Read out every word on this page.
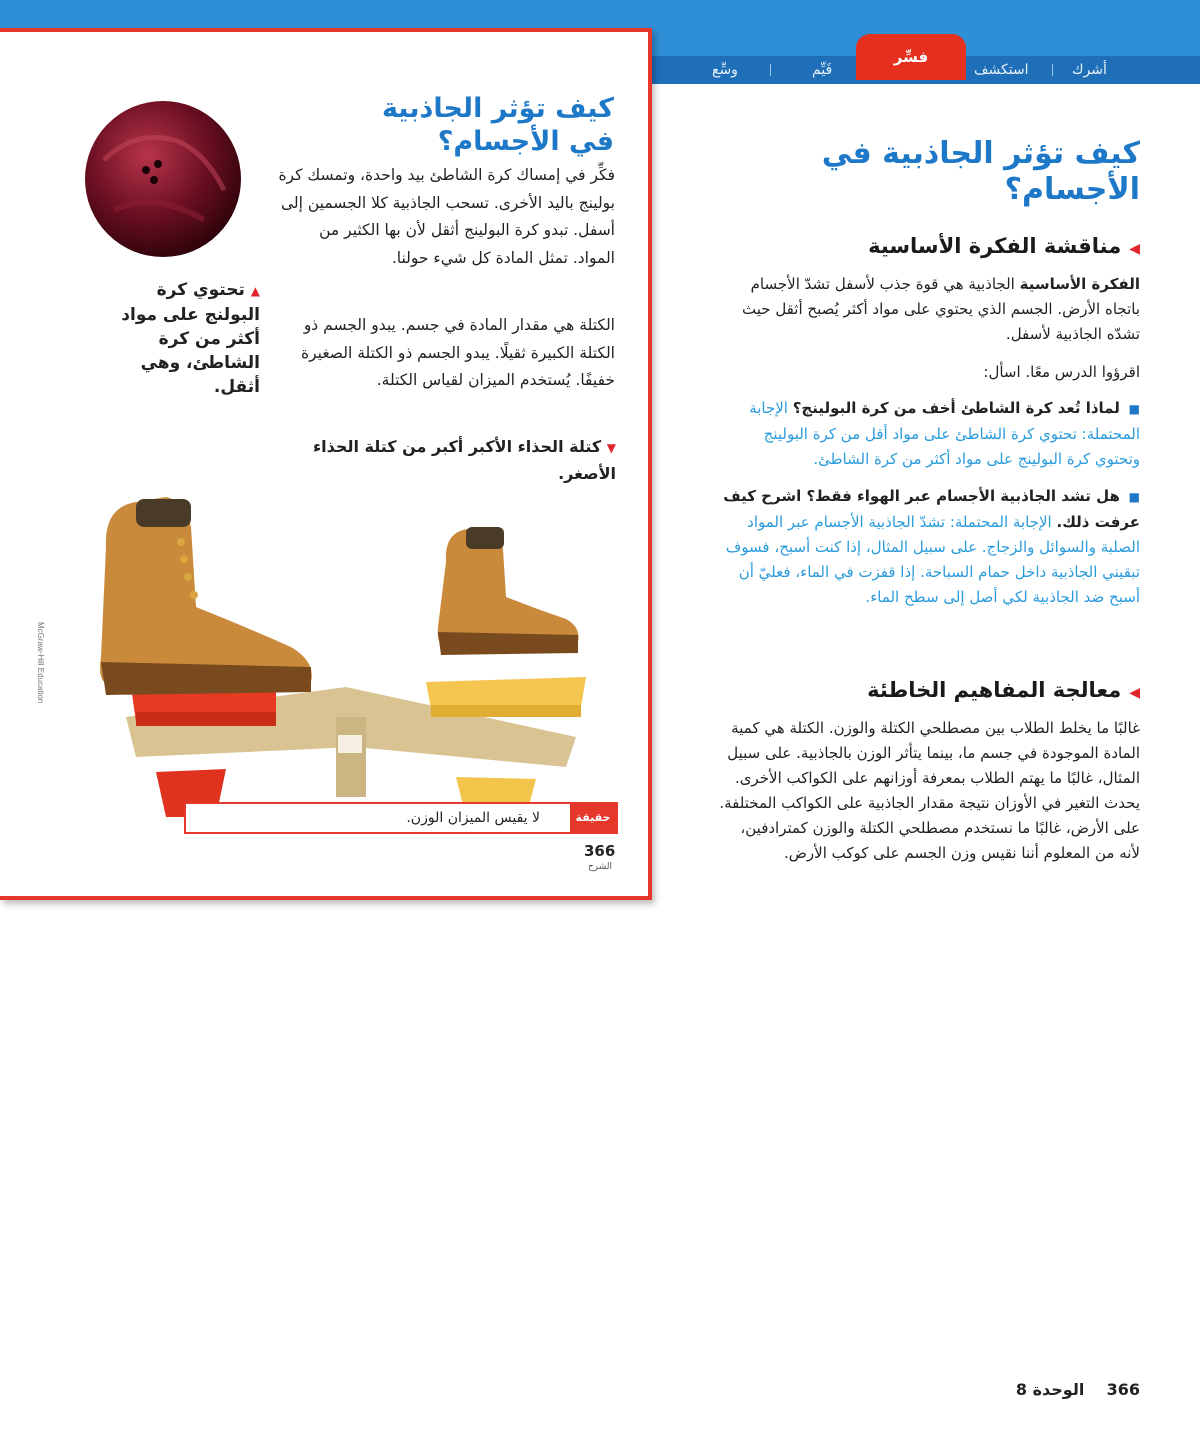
أشرك
استكشف
فَيِّم
وسِّع
فسِّر
كيف تؤثر الجاذبية في الأجسام؟
▲ تحتوي كرة البولنج على مواد أكثر من كرة الشاطئ، وهي أثقل.
فكِّر في إمساك كرة الشاطئ بيد واحدة، وتمسك كرة بولينج باليد الأخرى. تسحب الجاذبية كلا الجسمين إلى أسفل. تبدو كرة البولينج أثقل لأن بها الكثير من المواد. تمثل المادة كل شيء حولنا.
الكتلة هي مقدار المادة في جسم. يبدو الجسم ذو الكتلة الكبيرة ثقيلًا. يبدو الجسم ذو الكتلة الصغيرة خفيفًا. يُستخدم الميزان لقياس الكتلة.
▼ كتلة الحذاء الأكبر أكبر من كتلة الحذاء الأصغر.
حقيقة
لا يقيس الميزان الوزن.
366
الشرح
McGraw-Hill Education
كيف تؤثر الجاذبية في الأجسام؟
◀مناقشة الفكرة الأساسية
الفكرة الأساسية الجاذبية هي قوة جذب لأسفل تشدّ الأجسام باتجاه الأرض. الجسم الذي يحتوي على مواد أكثر يُصبح أثقل حيث تشدّه الجاذبية لأسفل.
اقرؤوا الدرس معًا. اسأل:
■ لماذا تُعد كرة الشاطئ أخف من كرة البولينج؟ الإجابة المحتملة: تحتوي كرة الشاطئ على مواد أقل من كرة البولينج وتحتوي كرة البولينج على مواد أكثر من كرة الشاطئ.
■ هل تشد الجاذبية الأجسام عبر الهواء فقط؟ اشرح كيف عرفت ذلك. الإجابة المحتملة: تشدّ الجاذبية الأجسام عبر المواد الصلبة والسوائل والزجاج. على سبيل المثال، إذا كنت أسبح، فسوف تبقيني الجاذبية داخل حمام السباحة. إذا قفزت في الماء، فعليّ أن أسبح ضد الجاذبية لكي أصل إلى سطح الماء.
◀معالجة المفاهيم الخاطئة
غالبًا ما يخلط الطلاب بين مصطلحي الكتلة والوزن. الكتلة هي كمية المادة الموجودة في جسم ما، بينما يتأثر الوزن بالجاذبية. على سبيل المثال، غالبًا ما يهتم الطلاب بمعرفة أوزانهم على الكواكب الأخرى. يحدث التغير في الأوزان نتيجة مقدار الجاذبية على الكواكب المختلفة. على الأرض، غالبًا ما نستخدم مصطلحي الكتلة والوزن كمترادفين، لأنه من المعلوم أننا نقيس وزن الجسم على كوكب الأرض.
366    الوحدة 8
